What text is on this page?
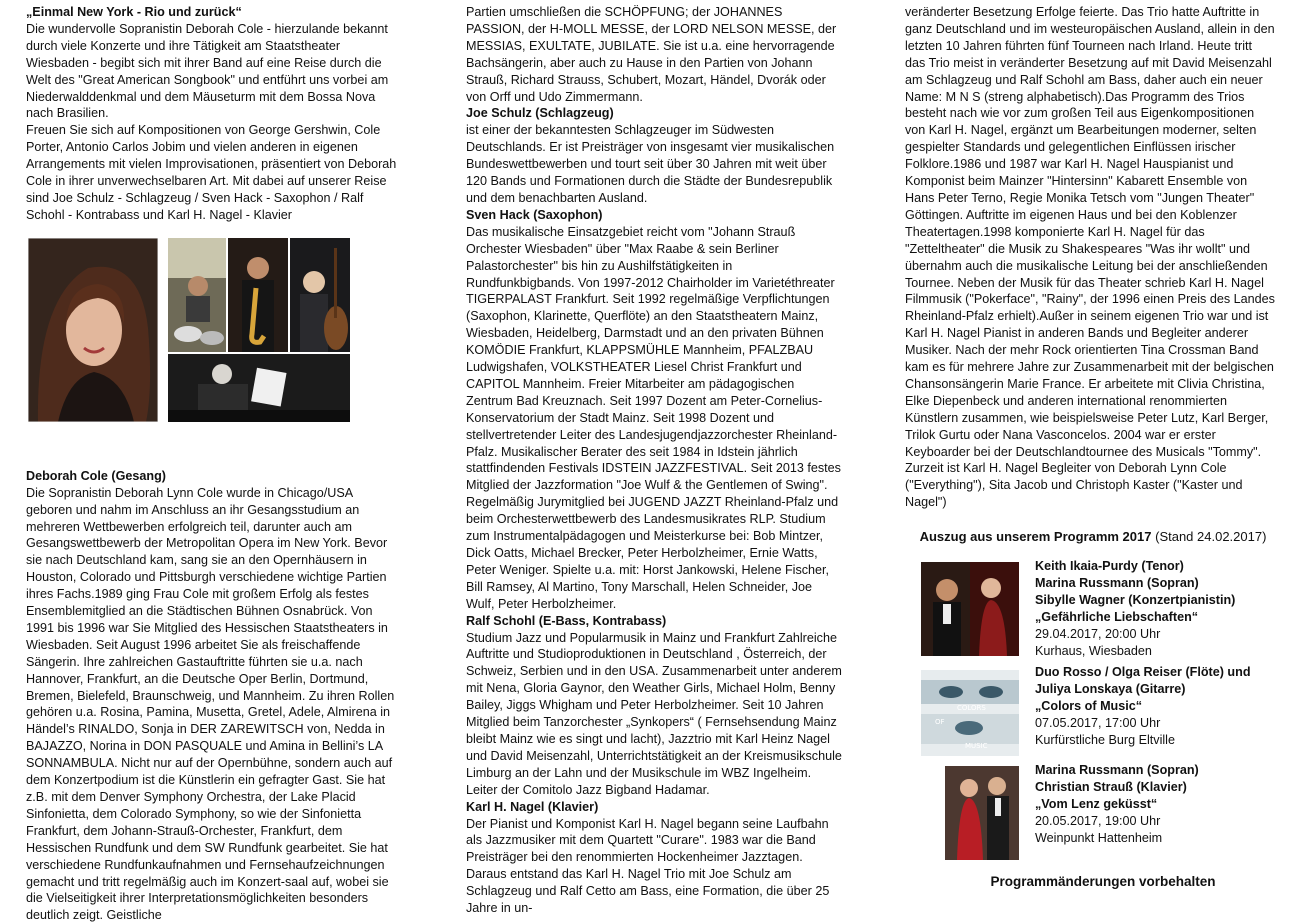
„Einmal New York - Rio und zurück“

Die wundervolle Sopranistin Deborah Cole - hierzulande bekannt durch viele Konzerte und ihre Tätigkeit am Staatstheater Wiesbaden - begibt sich mit ihrer Band auf eine Reise durch die Welt des "Great American Songbook" und entführt uns vorbei am Niederwalddenkmal und dem Mäuseturm mit dem Bossa Nova nach Brasilien.

Freuen Sie sich auf Kompositionen von George Gershwin, Cole Porter, Antonio Carlos Jobim und vielen anderen in eigenen Arrangements mit vielen Improvisationen, präsentiert von Deborah Cole in ihrer unverwechselbaren Art. Mit dabei auf unserer Reise sind Joe Schulz - Schlagzeug / Sven Hack - Saxophon / Ralf Schohl - Kontrabass und Karl H. Nagel - Klavier

Deborah Cole (Gesang)

Die Sopranistin Deborah Lynn Cole wurde in Chicago/USA geboren und nahm im Anschluss an ihr Gesangsstudium an mehreren Wettbewerben erfolgreich teil, darunter auch am Gesangswettbewerb der Metropolitan Opera im New York. Bevor sie nach Deutschland kam, sang sie an den Opernhäusern in Houston, Colorado und Pittsburgh verschiedene wichtige Partien ihres Fachs.1989 ging Frau Cole mit großem Erfolg als festes Ensemblemitglied an die Städtischen Bühnen Osnabrück. Von 1991 bis 1996 war Sie Mitglied des Hessischen Staatstheaters in Wiesbaden. Seit August 1996 arbeitet Sie als freischaffende Sängerin. Ihre zahlreichen Gastauftritte führten sie u.a. nach Hannover, Frankfurt, an die Deutsche Oper Berlin, Dortmund, Bremen, Bielefeld, Braunschweig, und Mannheim. Zu ihren Rollen gehören u.a. Rosina, Pamina, Musetta, Gretel, Adele, Almirena in Händel’s RINALDO, Sonja in DER ZAREWITSCH von, Nedda in BAJAZZO, Norina in DON PASQUALE und Amina in Bellini’s LA SONNAMBULA. Nicht nur auf der Opernbühne, sondern auch auf dem Konzertpodium ist die Künstlerin ein gefragter Gast. Sie hat z.B. mit dem Denver Symphony Orchestra, der Lake Placid Sinfonietta, dem Colorado Symphony, so wie der Sinfonietta Frankfurt, dem Johann-Strauß-Orchester, Frankfurt, dem Hessischen Rundfunk und dem SW Rundfunk gearbeitet. Sie hat verschiedene Rundfunkaufnahmen und Fernsehaufzeichnungen gemacht und tritt regelmäßig auch im Konzert-saal auf, wobei sie die Vielseitigkeit ihrer Interpretationsmöglichkeiten besonders deutlich zeigt. Geistliche

Partien umschließen die SCHÖPFUNG; der JOHANNES PASSION, der H-MOLL MESSE, der LORD NELSON MESSE, der MESSIAS, EXULTATE, JUBILATE. Sie ist u.a. eine hervorragende Bachsängerin, aber auch zu Hause in den Partien von Johann Strauß, Richard Strauss, Schubert, Mozart, Händel, Dvorák oder von Orff und Udo Zimmermann.

Joe Schulz (Schlagzeug)

ist einer der bekanntesten Schlagzeuger im Südwesten Deutschlands. Er ist Preisträger von insgesamt vier musikalischen Bundeswettbewerben und tourt seit über 30 Jahren mit weit über 120 Bands und Formationen durch die Städte der Bundesrepublik und dem benachbarten Ausland.

Sven Hack (Saxophon)

Das musikalische Einsatzgebiet reicht vom "Johann Strauß Orchester Wiesbaden" über "Max Raabe & sein Berliner Palastorchester" bis hin zu Aushilfstätigkeiten in Rundfunkbigbands. Von 1997-2012 Chairholder im Varietéthreater TIGERPALAST Frankfurt. Seit 1992 regelmäßige Verpflichtungen (Saxophon, Klarinette, Querflöte) an den Staatstheatern Mainz, Wiesbaden, Heidelberg, Darmstadt und an den privaten Bühnen KOMÖDIE Frankfurt, KLAPPSMÜHLE Mannheim, PFALZBAU Ludwigshafen, VOLKSTHEATER Liesel Christ Frankfurt und CAPITOL Mannheim. Freier Mitarbeiter am pädagogischen Zentrum Bad Kreuznach. Seit 1997 Dozent am Peter-Cornelius-Konservatorium der Stadt Mainz. Seit 1998 Dozent und stellvertretender Leiter des Landesjugendjazzorchester Rheinland-Pfalz. Musikalischer Berater des seit 1984 in Idstein jährlich stattfindenden Festivals IDSTEIN JAZZFESTIVAL. Seit 2013 festes Mitglied der Jazzformation "Joe Wulf & the Gentlemen of Swing". Regelmäßig Jurymitglied bei JUGEND JAZZT Rheinland-Pfalz und beim Orchesterwettbewerb des Landesmusikrates RLP. Studium zum Instrumentalpädagogen und Meisterkurse bei: Bob Mintzer, Dick Oatts, Michael Brecker, Peter Herbolzheimer, Ernie Watts, Peter Weniger. Spielte u.a. mit: Horst Jankowski, Helene Fischer, Bill Ramsey, Al Martino, Tony Marschall, Helen Schneider, Joe Wulf, Peter Herbolzheimer.

Ralf Schohl (E-Bass, Kontrabass)

Studium Jazz und Popularmusik in Mainz und Frankfurt Zahlreiche Auftritte und Studioproduktionen in Deutschland , Österreich, der Schweiz, Serbien und in den USA. Zusammenarbeit unter anderem mit Nena, Gloria Gaynor, den Weather Girls, Michael Holm, Benny Bailey, Jiggs Whigham und Peter Herbolzheimer. Seit 10 Jahren Mitglied beim Tanzorchester „Synkopers“ ( Fernsehsendung Mainz bleibt Mainz wie es singt und lacht), Jazztrio mit Karl Heinz Nagel und David Meisenzahl, Unterrichtstätigkeit an der Kreismusikschule Limburg an der Lahn und der Musikschule im WBZ Ingelheim. Leiter der Comitolo Jazz Bigband Hadamar.

Karl H. Nagel (Klavier)

Der Pianist und Komponist Karl H. Nagel begann seine Laufbahn als Jazzmusiker mit dem Quartett "Curare". 1983 war die Band Preisträger bei den renommierten Hockenheimer Jazztagen. Daraus entstand das Karl H. Nagel Trio mit Joe Schulz am Schlagzeug und Ralf Cetto am Bass, eine Formation, die über 25 Jahre in un-

veränderter Besetzung Erfolge feierte. Das Trio hatte Auftritte in ganz Deutschland und im westeuropäischen Ausland, allein in den letzten 10 Jahren führten fünf Tourneen nach Irland. Heute tritt das Trio meist in veränderter Besetzung auf mit David Meisenzahl am Schlagzeug und Ralf Schohl am Bass, daher auch ein neuer Name: M N S (streng alphabetisch).Das Programm des Trios besteht nach wie vor zum großen Teil aus Eigenkompositionen von Karl H. Nagel, ergänzt um Bearbeitungen moderner, selten gespielter Standards und gelegentlichen Einflüssen irischer Folklore.1986 und 1987 war Karl H. Nagel Hauspianist und Komponist beim Mainzer "Hintersinn" Kabarett Ensemble von Hans Peter Terno, Regie Monika Tetsch vom "Jungen Theater" Göttingen. Auftritte im eigenen Haus und bei den Koblenzer Theatertagen.1998 komponierte Karl H. Nagel für das "Zetteltheater" die Musik zu Shakespeares "Was ihr wollt" und übernahm auch die musikalische Leitung bei der anschließenden Tournee. Neben der Musik für das Theater schrieb Karl H. Nagel Filmmusik ("Pokerface", "Rainy", der 1996 einen Preis des Landes Rheinland-Pfalz erhielt).Außer in seinem eigenen Trio war und ist Karl H. Nagel Pianist in anderen Bands und Begleiter anderer Musiker. Nach der mehr Rock orientierten Tina Crossman Band kam es für mehrere Jahre zur Zusammenarbeit mit der belgischen Chansonsängerin Marie France. Er arbeitete mit Clivia Christina, Elke Diepenbeck und anderen international renommierten Künstlern zusammen, wie beispielsweise Peter Lutz, Karl Berger, Trilok Gurtu oder Nana Vasconcelos. 2004 war er erster Keyboarder bei der Deutschlandtournee des Musicals "Tommy". Zurzeit ist Karl H. Nagel Begleiter von Deborah Lynn Cole ("Everything"), Sita Jacob und Christoph Kaster ("Kaster und Nagel")

Auszug aus unserem Programm 2017 (Stand 24.02.2017)

Keith Ikaia-Purdy (Tenor)

Marina Russmann (Sopran)

Sibylle Wagner (Konzertpianistin)

„Gefährliche Liebschaften“

29.04.2017, 20:00 Uhr

Kurhaus, Wiesbaden

COLORS
OF
MUSIC

Duo Rosso / Olga Reiser (Flöte) und

Juliya Lonskaya (Gitarre)

„Colors of Music“

07.05.2017, 17:00 Uhr

Kurfürstliche Burg Eltville

Marina Russmann (Sopran)

Christian Strauß (Klavier)

„Vom Lenz geküsst“

20.05.2017, 19:00 Uhr

Weinpunkt Hattenheim

Programmänderungen vorbehalten
